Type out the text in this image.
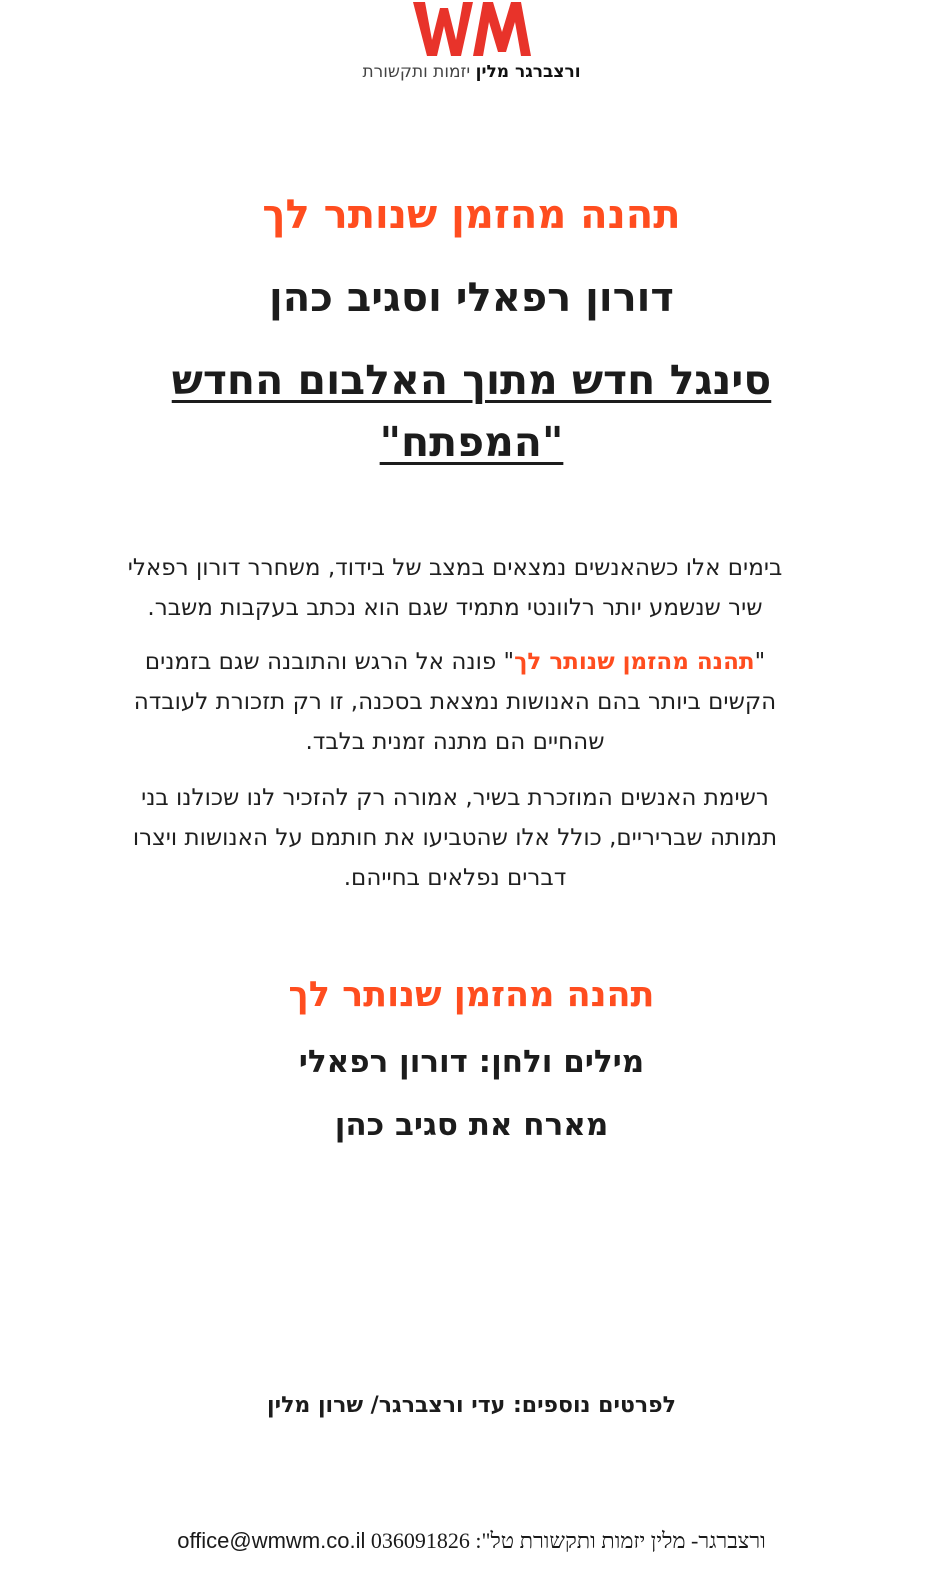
ורצברגר מלין יזמות ותקשורת
תהנה מהזמן שנותר לך
דורון רפאלי וסגיב כהן
סינגל חדש מתוך האלבום החדש
"המפתח"
בימים אלו כשהאנשים נמצאים במצב של בידוד, משחרר דורון רפאלי
שיר שנשמע יותר רלוונטי מתמיד שגם הוא נכתב בעקבות משבר.
"תהנה מהזמן שנותר לך" פונה אל הרגש והתובנה שגם בזמנים
הקשים ביותר בהם האנושות נמצאת בסכנה, זו רק תזכורת לעובדה
שהחיים הם מתנה זמנית בלבד.
רשימת האנשים המוזכרת בשיר, אמורה רק להזכיר לנו שכולנו בני
תמותה שבריריים, כולל אלו שהטביעו את חותמם על האנושות ויצרו
דברים נפלאים בחייהם.
תהנה מהזמן שנותר לך
מילים ולחן: דורון רפאלי
מארח את סגיב כהן
לפרטים נוספים: עדי ורצברגר/ שרון מלין
ורצברגר- מלין יזמות ותקשורת טל": 036091826 office@wmwm.co.il
